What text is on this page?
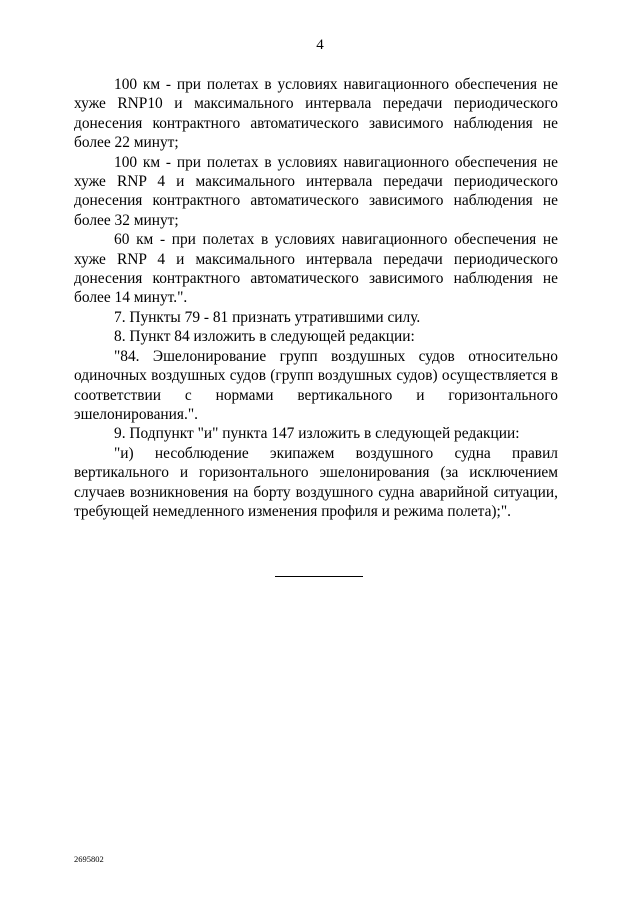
4

100 км - при полетах в условиях навигационного обеспечения не хуже RNP10 и максимального интервала передачи периодического донесения контрактного автоматического зависимого наблюдения не более 22 минут;

100 км - при полетах в условиях навигационного обеспечения не хуже RNP 4 и максимального интервала передачи периодического донесения контрактного автоматического зависимого наблюдения не более 32 минут;

60 км - при полетах в условиях навигационного обеспечения не хуже RNP 4 и максимального интервала передачи периодического донесения контрактного автоматического зависимого наблюдения не более 14 минут.".

7. Пункты 79 - 81 признать утратившими силу.

8. Пункт 84 изложить в следующей редакции:

"84. Эшелонирование групп воздушных судов относительно одиночных воздушных судов (групп воздушных судов) осуществляется в соответствии с нормами вертикального и горизонтального эшелонирования.".

9. Подпункт "и" пункта 147 изложить в следующей редакции:

"и) несоблюдение экипажем воздушного судна правил вертикального и горизонтального эшелонирования (за исключением случаев возникновения на борту воздушного судна аварийной ситуации, требующей немедленного изменения профиля и режима полета);".

2695802
